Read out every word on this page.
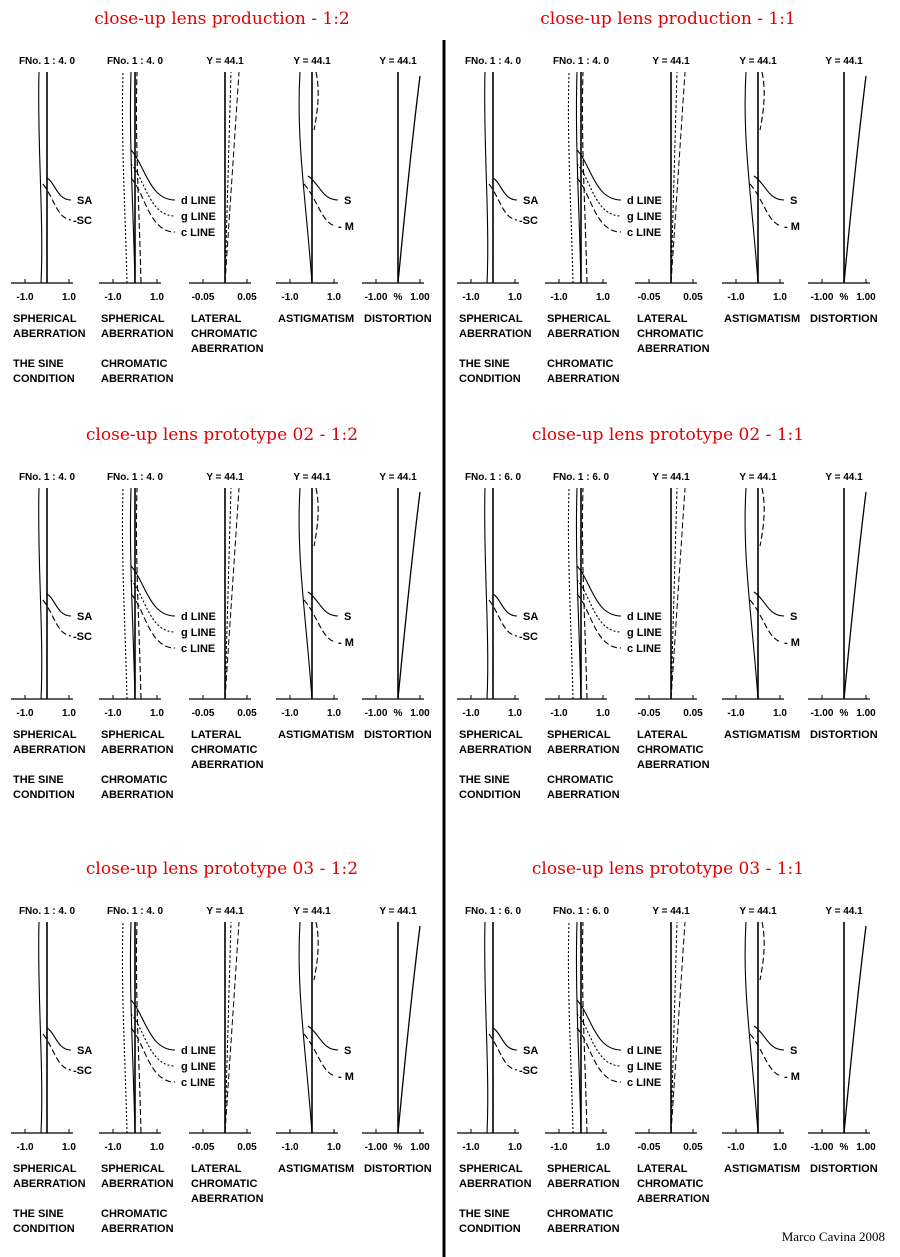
close-up lens production - 1:2
FNo. 1 : 4. 0
-1.0	1.0
SPHERICAL
ABERRATION
THE SINE
CONDITION
SA
-SC
FNo. 1 : 4. 0
-1.0	1.0
SPHERICAL
ABERRATION
CHROMATIC
ABERRATION
d LINE
g LINE
c LINE
Y = 44.1
-0.05 0.05
LATERAL
CHROMATIC
ABERRATION
Y = 44.1
-1.0	1.0
ASTIGMATISM
S
- M
Y = 44.1
-1.00 % 1.00
DISTORTION
close-up lens production - 1:1
FNo. 1 : 4. 0
-1.0	1.0
SPHERICAL
ABERRATION
THE SINE
CONDITION
SA
-SC
FNo. 1 : 4. 0
-1.0	1.0
SPHERICAL
ABERRATION
CHROMATIC
ABERRATION
d LINE
g LINE
c LINE
Y = 44.1
-0.05 0.05
LATERAL
CHROMATIC
ABERRATION
Y = 44.1
-1.0	1.0
ASTIGMATISM
S
- M
Y = 44.1
-1.00 % 1.00
DISTORTION
close-up lens prototype 02 - 1:2
FNo. 1 : 4. 0
-1.0	1.0
SPHERICAL
ABERRATION
THE SINE
CONDITION
SA
-SC
FNo. 1 : 4. 0
-1.0	1.0
SPHERICAL
ABERRATION
CHROMATIC
ABERRATION
d LINE
g LINE
c LINE
Y = 44.1
-0.05 0.05
LATERAL
CHROMATIC
ABERRATION
Y = 44.1
-1.0	1.0
ASTIGMATISM
S
- M
Y = 44.1
-1.00 % 1.00
DISTORTION
close-up lens prototype 02 - 1:1
FNo. 1 : 6. 0
-1.0	1.0
SPHERICAL
ABERRATION
THE SINE
CONDITION
SA
-SC
FNo. 1 : 6. 0
-1.0	1.0
SPHERICAL
ABERRATION
CHROMATIC
ABERRATION
d LINE
g LINE
c LINE
Y = 44.1
-0.05 0.05
LATERAL
CHROMATIC
ABERRATION
Y = 44.1
-1.0	1.0
ASTIGMATISM
S
- M
Y = 44.1
-1.00 % 1.00
DISTORTION
close-up lens prototype 03 - 1:2
FNo. 1 : 4. 0
-1.0	1.0
SPHERICAL
ABERRATION
THE SINE
CONDITION
SA
-SC
FNo. 1 : 4. 0
-1.0	1.0
SPHERICAL
ABERRATION
CHROMATIC
ABERRATION
d LINE
g LINE
c LINE
Y = 44.1
-0.05 0.05
LATERAL
CHROMATIC
ABERRATION
Y = 44.1
-1.0	1.0
ASTIGMATISM
S
- M
Y = 44.1
-1.00 % 1.00
DISTORTION
close-up lens prototype 03 - 1:1
FNo. 1 : 6. 0
-1.0	1.0
SPHERICAL
ABERRATION
THE SINE
CONDITION
SA
-SC
FNo. 1 : 6. 0
-1.0	1.0
SPHERICAL
ABERRATION
CHROMATIC
ABERRATION
d LINE
g LINE
c LINE
Y = 44.1
-0.05 0.05
LATERAL
CHROMATIC
ABERRATION
Y = 44.1
-1.0	1.0
ASTIGMATISM
S
- M
Y = 44.1
-1.00 % 1.00
DISTORTION
Marco Cavina 2008
